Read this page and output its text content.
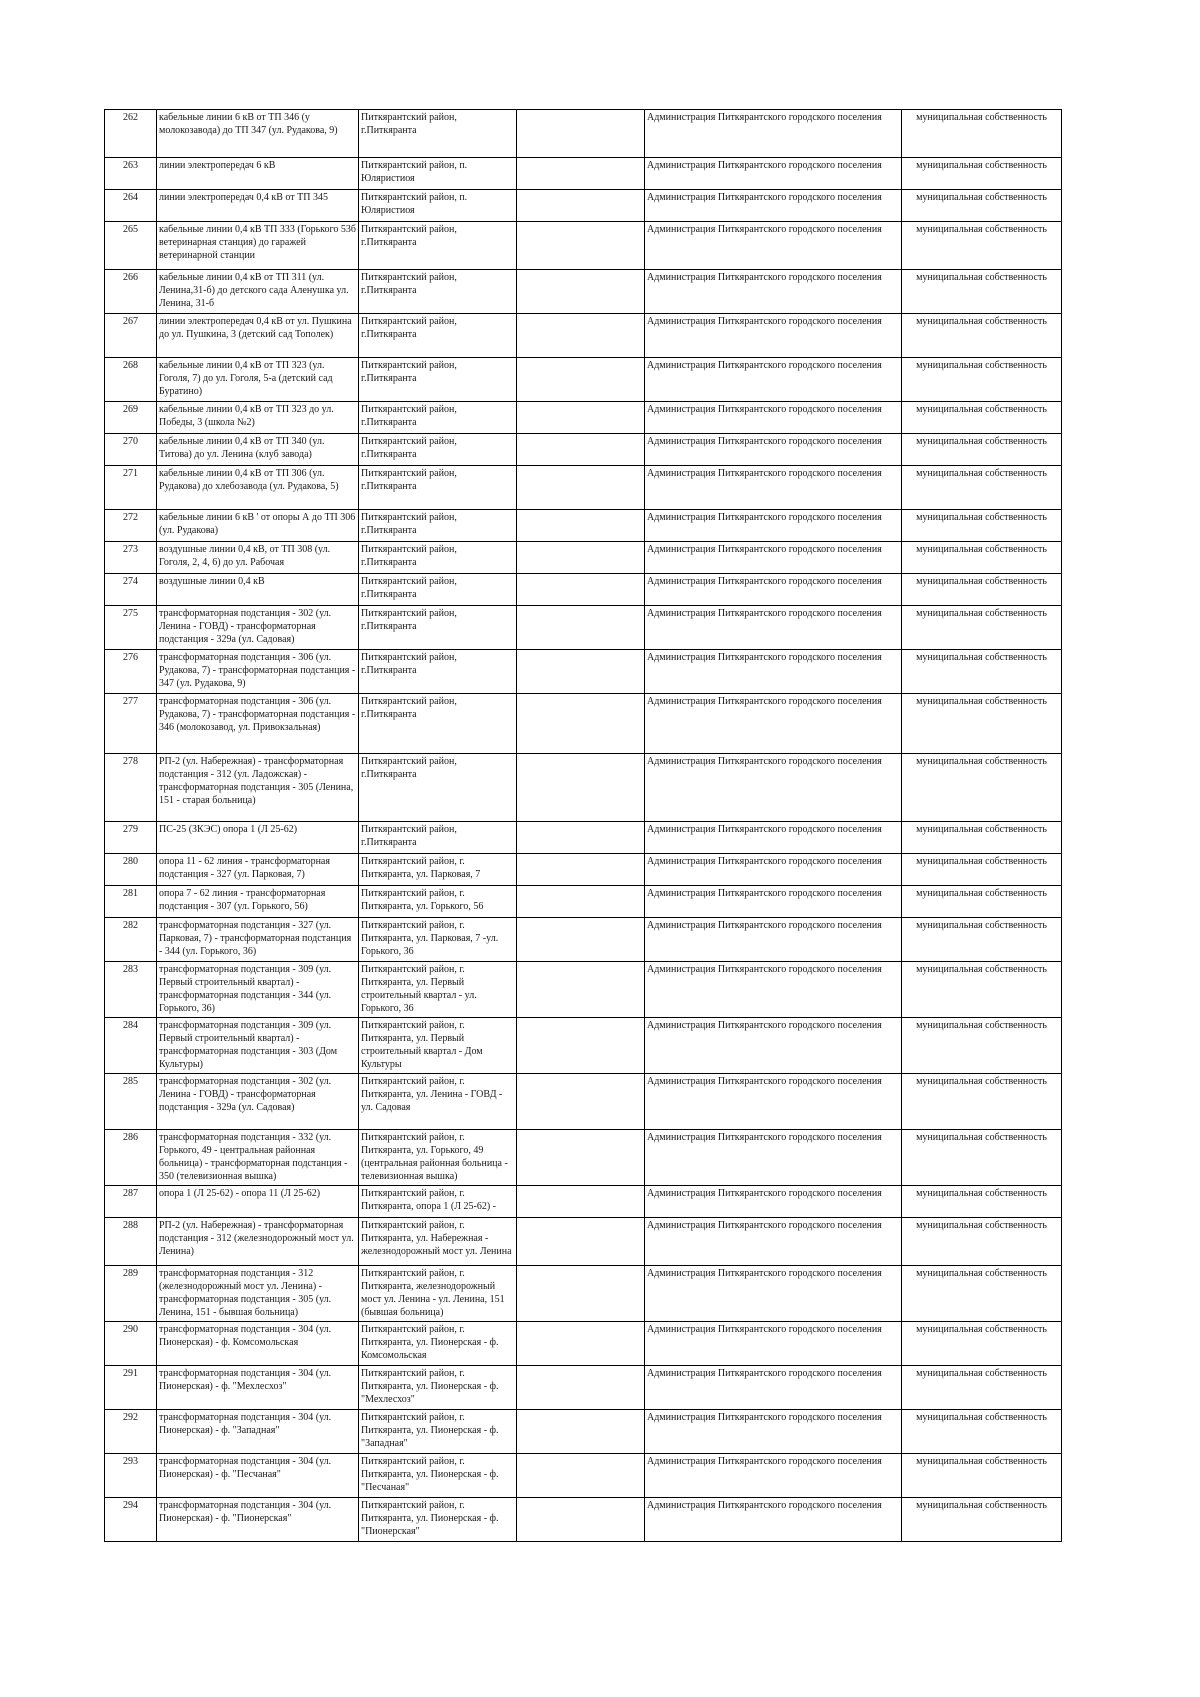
262	кабельные линии 6 кВ от ТП 346 (у молокозавода) до ТП 347 (ул. Рудакова, 9)	Питкярантский район, г.Питкяранта		Администрация Питкярантского городского поселения	муниципальная собственность
263	линии электропередач 6 кВ	Питкярантский район, п. Юляристиоя		Администрация Питкярантского городского поселения	муниципальная собственность
264	линии электропередач 0,4 кВ от ТП 345	Питкярантский район, п. Юляристиоя		Администрация Питкярантского городского поселения	муниципальная собственность
265	кабельные линии 0,4 кВ ТП 333 (Горького 53б ветеринарная станция) до гаражей ветеринарной станции	Питкярантский район, г.Питкяранта		Администрация Питкярантского городского поселения	муниципальная собственность
266	кабельные линии 0,4 кВ от ТП 311 (ул. Ленина,31-б) до детского сада Аленушка ул. Ленина, 31-б	Питкярантский район, г.Питкяранта		Администрация Питкярантского городского поселения	муниципальная собственность
267	линии электропередач 0,4 кВ от ул. Пушкина до ул. Пушкина, 3 (детский сад Тополек)	Питкярантский район, г.Питкяранта		Администрация Питкярантского городского поселения	муниципальная собственность
268	кабельные линии 0,4 кВ от ТП 323 (ул. Гоголя, 7) до ул. Гоголя, 5-а (детский сад Буратино)	Питкярантский район, г.Питкяранта		Администрация Питкярантского городского поселения	муниципальная собственность
269	кабельные линии 0,4 кВ от ТП 323 до ул. Победы, 3 (школа №2)	Питкярантский район, г.Питкяранта		Администрация Питкярантского городского поселения	муниципальная собственность
270	кабельные линии 0,4 кВ от ТП 340 (ул. Титова) до ул. Ленина (клуб завода)	Питкярантский район, г.Питкяранта		Администрация Питкярантского городского поселения	муниципальная собственность
271	кабельные линии 0,4 кВ от ТП 306 (ул. Рудакова) до хлебозавода (ул. Рудакова, 5)	Питкярантский район, г.Питкяранта		Администрация Питкярантского городского поселения	муниципальная собственность
272	кабельные линии 6 кВ ' от опоры А до ТП 306 (ул. Рудакова)	Питкярантский район, г.Питкяранта		Администрация Питкярантского городского поселения	муниципальная собственность
273	воздушные линии 0,4 кВ, от ТП 308 (ул. Гоголя, 2, 4, 6) до ул. Рабочая	Питкярантский район, г.Питкяранта		Администрация Питкярантского городского поселения	муниципальная собственность
274	воздушные линии 0,4 кВ	Питкярантский район, г.Питкяранта		Администрация Питкярантского городского поселения	муниципальная собственность
275	трансформаторная подстанция - 302 (ул. Ленина - ГОВД) - трансформаторная подстанция - 329а (ул. Садовая)	Питкярантский район, г.Питкяранта		Администрация Питкярантского городского поселения	муниципальная собственность
276	трансформаторная подстанция - 306 (ул. Рудакова, 7) - трансформаторная подстанция - 347 (ул. Рудакова, 9)	Питкярантский район, г.Питкяранта		Администрация Питкярантского городского поселения	муниципальная собственность
277	трансформаторная подстанция - 306 (ул. Рудакова, 7) - трансформаторная подстанция - 346 (молокозавод, ул. Привокзальная)	Питкярантский район, г.Питкяранта		Администрация Питкярантского городского поселения	муниципальная собственность
278	РП-2 (ул. Набережная) - трансформаторная подстанция - 312 (ул. Ладожская) - трансформаторная подстанция - 305 (Ленина, 151 - старая больница)	Питкярантский район, г.Питкяранта		Администрация Питкярантского городского поселения	муниципальная собственность
279	ПС-25 (ЗКЭС) опора 1 (Л 25-62)	Питкярантский район, г.Питкяранта		Администрация Питкярантского городского поселения	муниципальная собственность
280	опора 11 - 62 линия - трансформаторная подстанция - 327 (ул. Парковая, 7)	Питкярантский район, г. Питкяранта, ул. Парковая, 7		Администрация Питкярантского городского поселения	муниципальная собственность
281	опора 7 - 62 линия - трансформаторная подстанция - 307 (ул. Горького, 56)	Питкярантский район, г. Питкяранта, ул. Горького, 56		Администрация Питкярантского городского поселения	муниципальная собственность
282	трансформаторная подстанция - 327 (ул. Парковая, 7) - трансформаторная подстанция - 344 (ул. Горького, 36)	Питкярантский район, г. Питкяранта, ул. Парковая, 7 -ул. Горького, 36		Администрация Питкярантского городского поселения	муниципальная собственность
283	трансформаторная подстанция - 309 (ул. Первый строительный квартал) - трансформаторная подстанция - 344 (ул. Горького, 36)	Питкярантский район, г. Питкяранта, ул. Первый строительный квартал - ул. Горького, 36		Администрация Питкярантского городского поселения	муниципальная собственность
284	трансформаторная подстанция - 309 (ул. Первый строительный квартал) - трансформаторная подстанция - 303 (Дом Культуры)	Питкярантский район, г. Питкяранта, ул. Первый строительный квартал - Дом Культуры		Администрация Питкярантского городского поселения	муниципальная собственность
285	трансформаторная подстанция - 302 (ул. Ленина - ГОВД) - трансформаторная подстанция - 329а (ул. Садовая)	Питкярантский район, г. Питкяранта, ул. Ленина - ГОВД - ул. Садовая		Администрация Питкярантского городского поселения	муниципальная собственность
286	трансформаторная подстанция - 332 (ул. Горького, 49 - центральная районная больница) - трансформаторная подстанция - 350 (телевизионная вышка)	Питкярантский район, г. Питкяранта, ул. Горького, 49 (центральная районная больница - телевизионная вышка)		Администрация Питкярантского городского поселения	муниципальная собственность
287	опора 1 (Л 25-62) - опора 11 (Л 25-62)	Питкярантский район, г. Питкяранта, опора 1 (Л 25-62) -		Администрация Питкярантского городского поселения	муниципальная собственность
288	РП-2 (ул. Набережная) - трансформаторная подстанция - 312 (железнодорожный мост ул. Ленина)	Питкярантский район, г. Питкяранта, ул. Набережная - железнодорожный мост ул. Ленина		Администрация Питкярантского городского поселения	муниципальная собственность
289	трансформаторная подстанция - 312 (железнодорожный мост ул. Ленина) - трансформаторная подстанция - 305 (ул. Ленина, 151 - бывшая больница)	Питкярантский район, г. Питкяранта, железнодорожный мост ул. Ленина - ул. Ленина, 151 (бывшая больница)		Администрация Питкярантского городского поселения	муниципальная собственность
290	трансформаторная подстанция - 304 (ул. Пионерская) - ф. Комсомольская	Питкярантский район, г. Питкяранта, ул. Пионерская - ф. Комсомольская		Администрация Питкярантского городского поселения	муниципальная собственность
291	трансформаторная подстанция - 304 (ул. Пионерская) - ф. "Мехлесхоз"	Питкярантский район, г. Питкяранта, ул. Пионерская - ф. "Мехлесхоз"		Администрация Питкярантского городского поселения	муниципальная собственность
292	трансформаторная подстанция - 304 (ул. Пионерская) - ф. "Западная"	Питкярантский район, г. Питкяранта, ул. Пионерская - ф. "Западная"		Администрация Питкярантского городского поселения	муниципальная собственность
293	трансформаторная подстанция - 304 (ул. Пионерская) - ф. "Песчаная"	Питкярантский район, г. Питкяранта, ул. Пионерская - ф. "Песчаная"		Администрация Питкярантского городского поселения	муниципальная собственность
294	трансформаторная подстанция - 304 (ул. Пионерская) - ф. "Пионерская"	Питкярантский район, г. Питкяранта, ул. Пионерская - ф. "Пионерская"		Администрация Питкярантского городского поселения	муниципальная собственность
